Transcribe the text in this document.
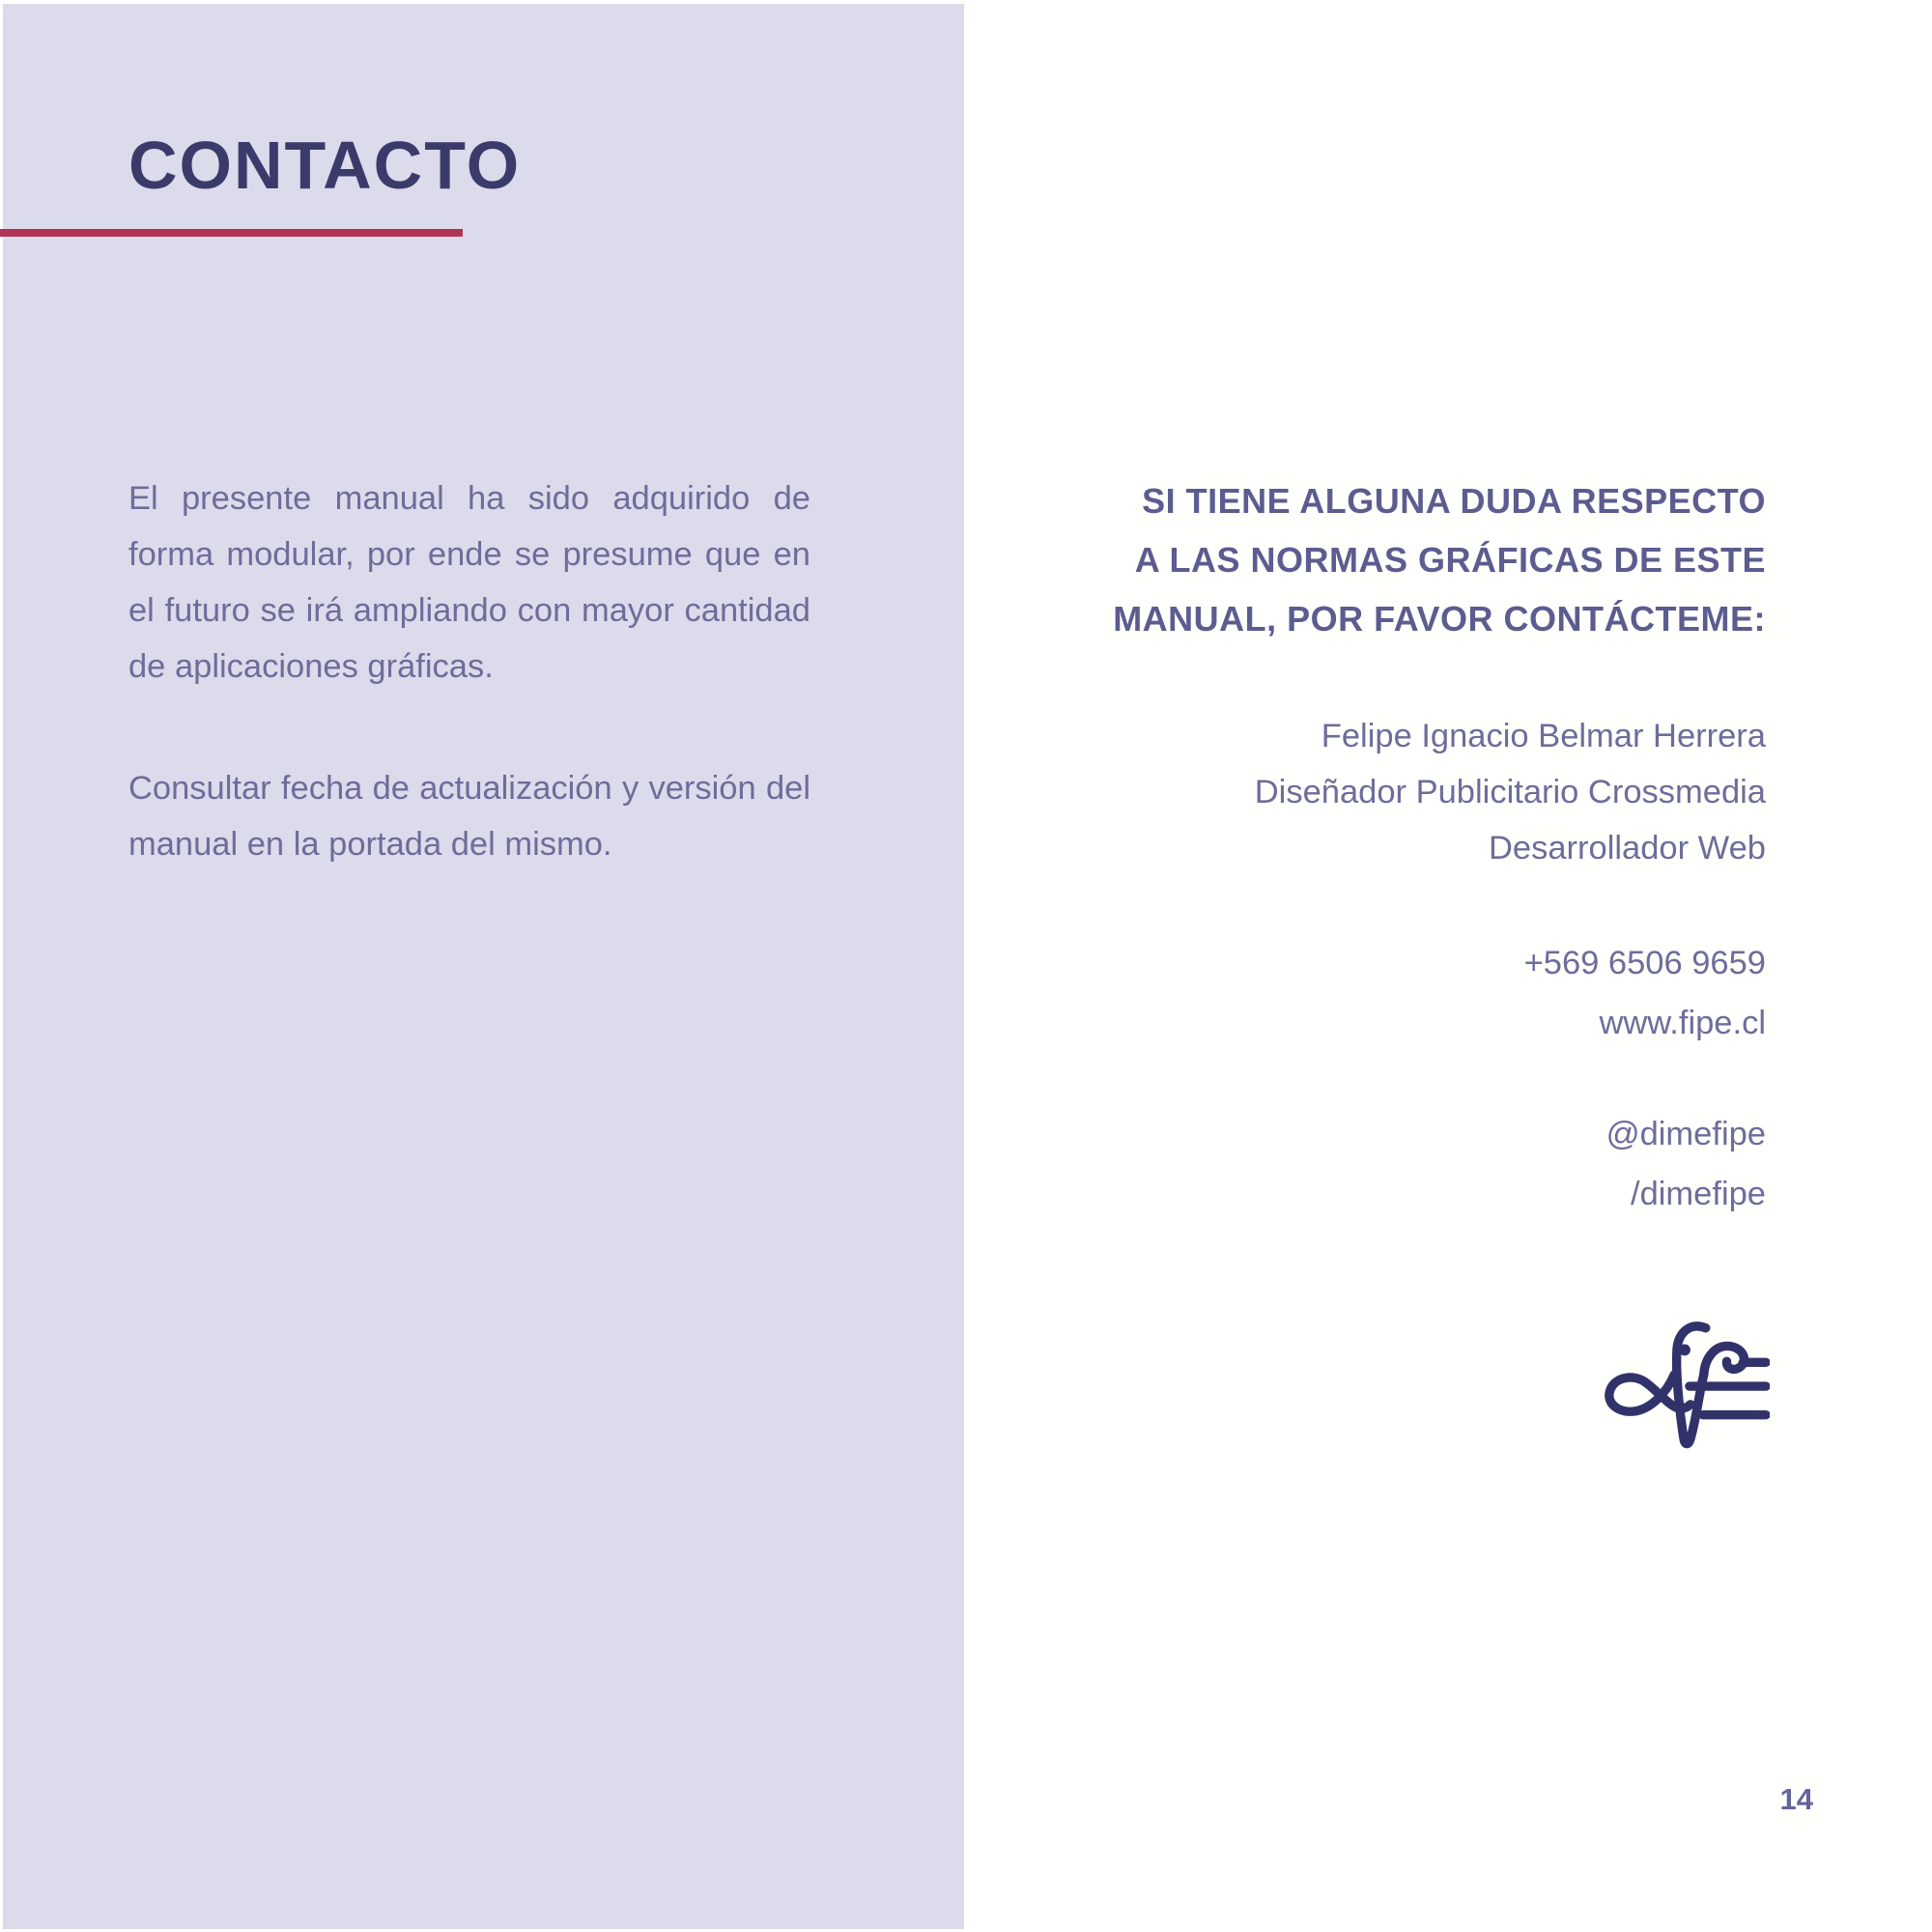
CONTACTO

El presente manual ha sido adquirido de forma modular, por ende se presume que en el futuro se irá ampliando con mayor cantidad de aplicaciones gráficas.

Consultar fecha de actualización y versión del manual en la portada del mismo.

SI TIENE ALGUNA DUDA RESPECTO
A LAS NORMAS GRÁFICAS DE ESTE
MANUAL, POR FAVOR CONTÁCTEME:
Felipe Ignacio Belmar Herrera
Diseñador Publicitario Crossmedia
Desarrollador Web
+569 6506 9659
www.fipe.cl
@dimefipe
/dimefipe
14
